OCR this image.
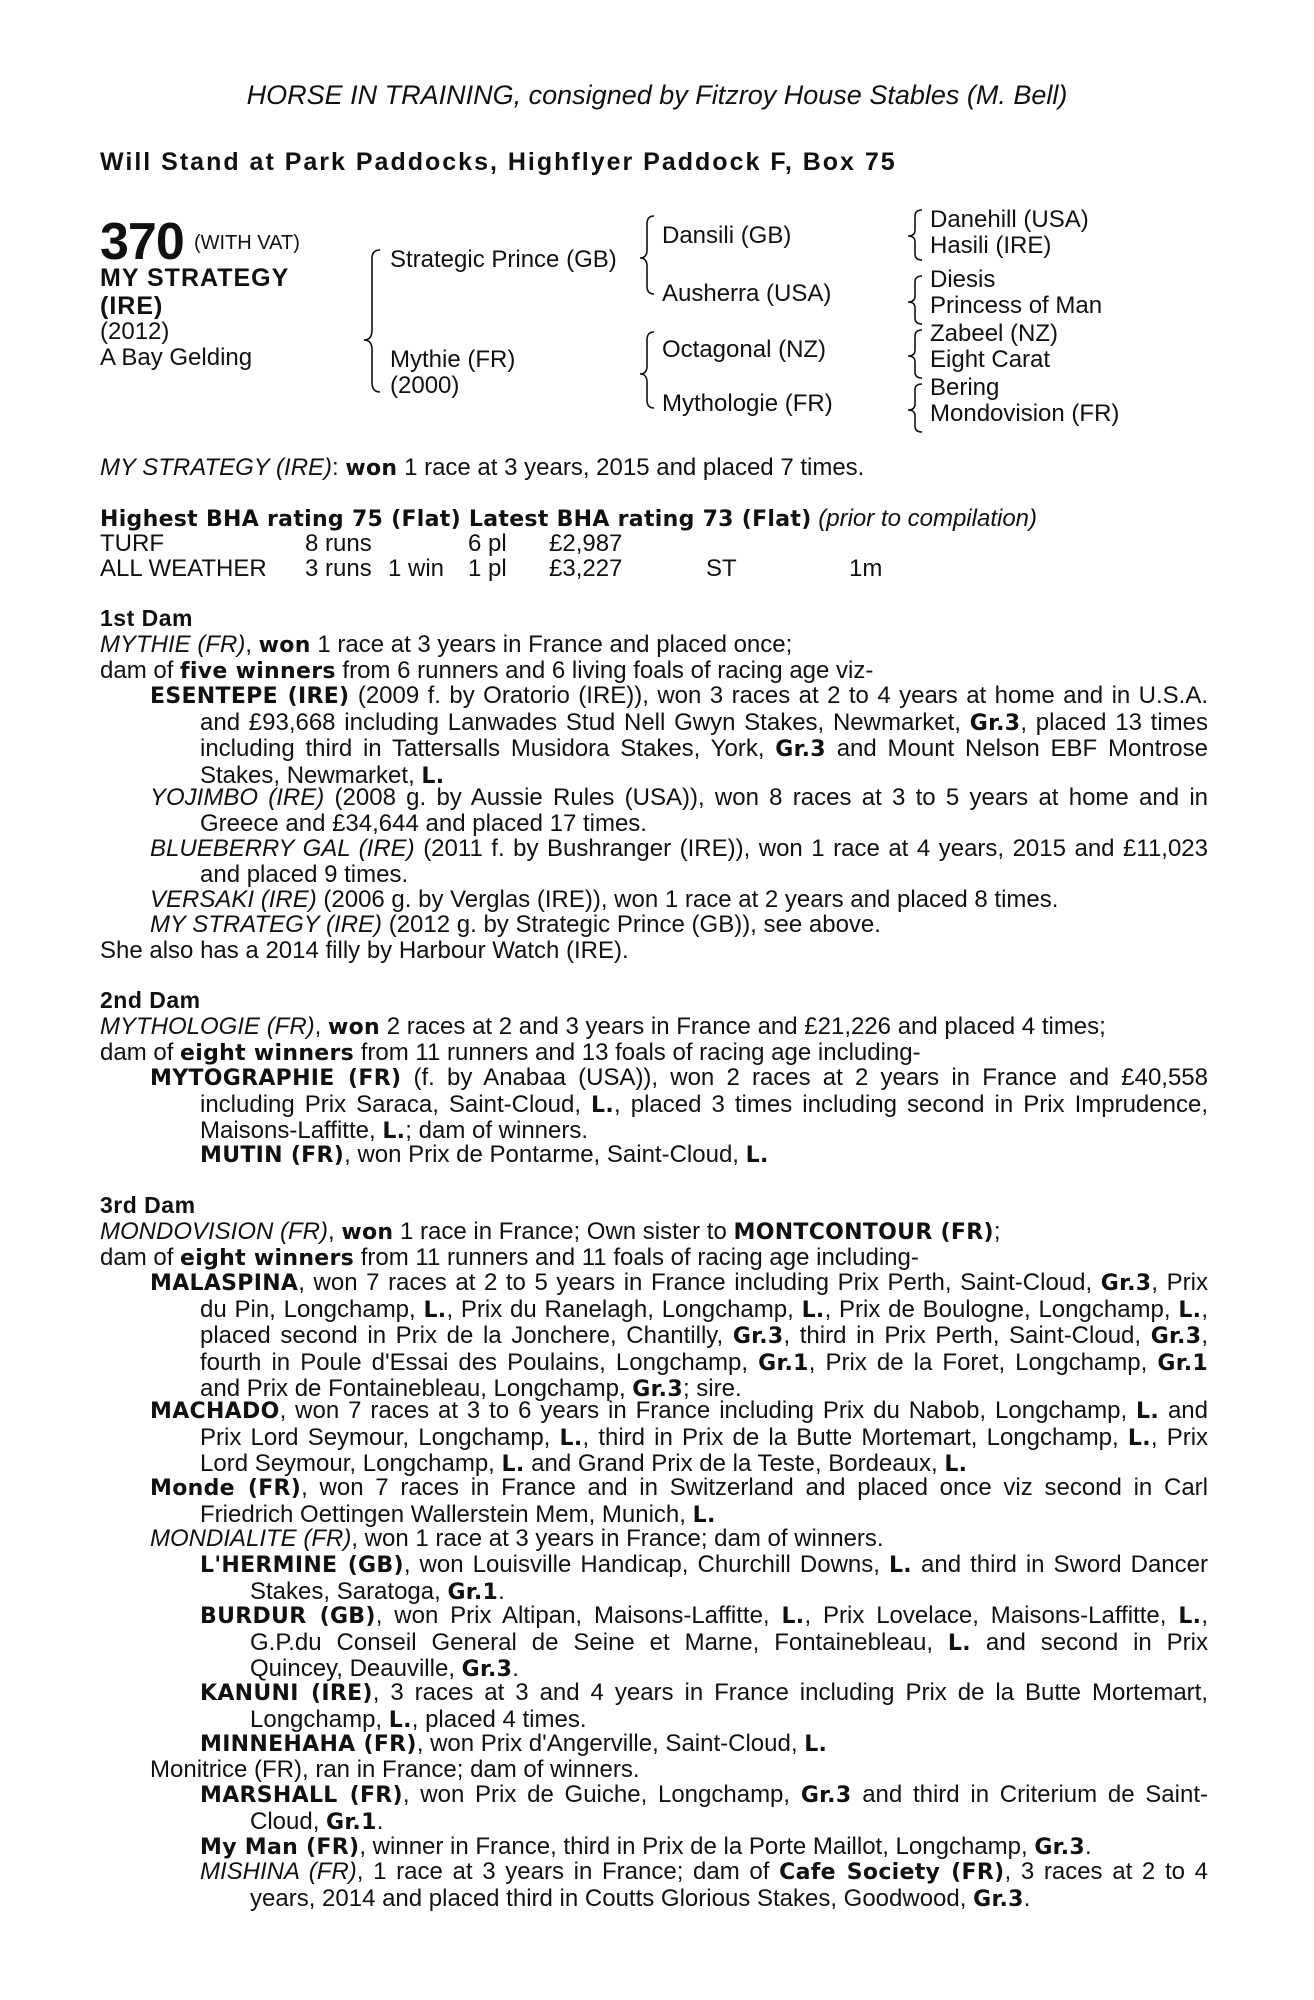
HORSE IN TRAINING, consigned by Fitzroy House Stables (M. Bell)
Will Stand at Park Paddocks, Highflyer Paddock F, Box 75
370 (WITH VAT)
MY STRATEGY
(IRE)
(2012)
A Bay Gelding
Strategic Prince (GB)
Mythie (FR)
(2000)
Dansili (GB)
Ausherra (USA)
Octagonal (NZ)
Mythologie (FR)
Danehill (USA)
Hasili (IRE)
Diesis
Princess of Man
Zabeel (NZ)
Eight Carat
Bering
Mondovision (FR)
MY STRATEGY (IRE): won 1 race at 3 years, 2015 and placed 7 times.
Highest BHA rating 75 (Flat) Latest BHA rating 73 (Flat) (prior to compilation)
TURF	8 runs	6 pl £2,987
ALL WEATHER 3 runs 1 win 1 pl £3,227	ST	1m

1st Dam

MYTHIE (FR), won 1 race at 3 years in France and placed once;

dam of five winners from 6 runners and 6 living foals of racing age viz-

ESENTEPE (IRE) (2009 f. by Oratorio (IRE)), won 3 races at 2 to 4 years at home and in U.S.A. and £93,668 including Lanwades Stud Nell Gwyn Stakes, Newmarket, Gr.3, placed 13 times including third in Tattersalls Musidora Stakes, York, Gr.3 and Mount Nelson EBF Montrose Stakes, Newmarket, L.
YOJIMBO (IRE) (2008 g. by Aussie Rules (USA)), won 8 races at 3 to 5 years at home and in Greece and £34,644 and placed 17 times.
BLUEBERRY GAL (IRE) (2011 f. by Bushranger (IRE)), won 1 race at 4 years, 2015 and £11,023 and placed 9 times.
VERSAKI (IRE) (2006 g. by Verglas (IRE)), won 1 race at 2 years and placed 8 times.
MY STRATEGY (IRE) (2012 g. by Strategic Prince (GB)), see above.
She also has a 2014 filly by Harbour Watch (IRE).

2nd Dam

MYTHOLOGIE (FR), won 2 races at 2 and 3 years in France and £21,226 and placed 4 times;

dam of eight winners from 11 runners and 13 foals of racing age including-

MYTOGRAPHIE (FR) (f. by Anabaa (USA)), won 2 races at 2 years in France and £40,558 including Prix Saraca, Saint-Cloud, L., placed 3 times including second in Prix Imprudence, Maisons-Laffitte, L.; dam of winners.
MUTIN (FR), won Prix de Pontarme, Saint-Cloud, L.

3rd Dam

MONDOVISION (FR), won 1 race in France; Own sister to MONTCONTOUR (FR);

dam of eight winners from 11 runners and 11 foals of racing age including-

MALASPINA, won 7 races at 2 to 5 years in France including Prix Perth, Saint-Cloud, Gr.3, Prix du Pin, Longchamp, L., Prix du Ranelagh, Longchamp, L., Prix de Boulogne, Longchamp, L., placed second in Prix de la Jonchere, Chantilly, Gr.3, third in Prix Perth, Saint-Cloud, Gr.3, fourth in Poule d'Essai des Poulains, Longchamp, Gr.1, Prix de la Foret, Longchamp, Gr.1 and Prix de Fontainebleau, Longchamp, Gr.3; sire.
MACHADO, won 7 races at 3 to 6 years in France including Prix du Nabob, Longchamp, L. and Prix Lord Seymour, Longchamp, L., third in Prix de la Butte Mortemart, Longchamp, L., Prix Lord Seymour, Longchamp, L. and Grand Prix de la Teste, Bordeaux, L.
Monde (FR), won 7 races in France and in Switzerland and placed once viz second in Carl Friedrich Oettingen Wallerstein Mem, Munich, L.
MONDIALITE (FR), won 1 race at 3 years in France; dam of winners.
L'HERMINE (GB), won Louisville Handicap, Churchill Downs, L. and third in Sword Dancer Stakes, Saratoga, Gr.1.
BURDUR (GB), won Prix Altipan, Maisons-Laffitte, L., Prix Lovelace, Maisons-Laffitte, L., G.P.du Conseil General de Seine et Marne, Fontainebleau, L. and second in Prix Quincey, Deauville, Gr.3.
KANUNI (IRE), 3 races at 3 and 4 years in France including Prix de la Butte Mortemart, Longchamp, L., placed 4 times.
MINNEHAHA (FR), won Prix d'Angerville, Saint-Cloud, L.
Monitrice (FR), ran in France; dam of winners.
MARSHALL (FR), won Prix de Guiche, Longchamp, Gr.3 and third in Criterium de Saint-Cloud, Gr.1.
My Man (FR), winner in France, third in Prix de la Porte Maillot, Longchamp, Gr.3.
MISHINA (FR), 1 race at 3 years in France; dam of Cafe Society (FR), 3 races at 2 to 4 years, 2014 and placed third in Coutts Glorious Stakes, Goodwood, Gr.3.
